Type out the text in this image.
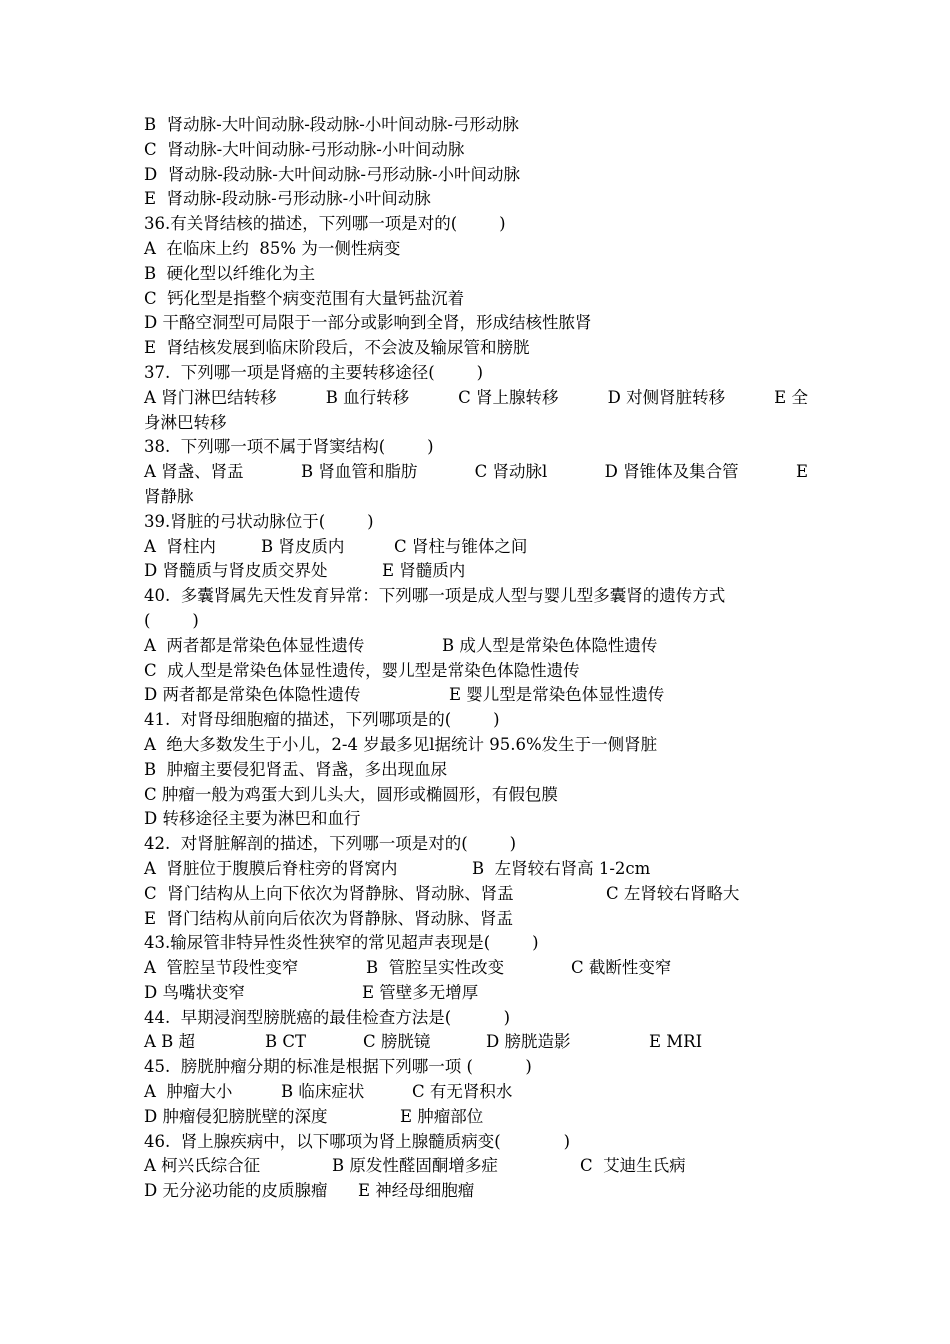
B  肾动脉-大叶间动脉-段动脉-小叶间动脉-弓形动脉
C  肾动脉-大叶间动脉-弓形动脉-小叶间动脉
D  肾动脉-段动脉-大叶间动脉-弓形动脉-小叶间动脉
E  肾动脉-段动脉-弓形动脉-小叶间动脉
36.有关肾结核的描述，下列哪一项是对的(        )
A  在临床上约  85% 为一侧性病变
B  硬化型以纤维化为主
C  钙化型是指整个病变范围有大量钙盐沉着
D 干酪空洞型可局限于一部分或影响到全肾，形成结核性脓肾
E  肾结核发展到临床阶段后，不会波及输尿管和膀胱
37.  下列哪一项是肾癌的主要转移途径(        )
A 肾门淋巴结转移	B 血行转移	C 肾上腺转移	D 对侧肾脏转移	E 全
身淋巴转移
38.  下列哪一项不属于肾窦结构(        )
A 肾盏、肾盂	B 肾血管和脂肪	C 肾动脉l	D 肾锥体及集合管	E
肾静脉
39.肾脏的弓状动脉位于(        )

A  肾柱内

	B 肾皮质内

	C 肾柱与锥体之间

D 肾髓质与肾皮质交界处

	E 肾髓质内

40.  多囊肾属先天性发育异常：下列哪一项是成人型与婴儿型多囊肾的遗传方式
(        )

A  两者都是常染色体显性遗传

	B 成人型是常染色体隐性遗传

C  成人型是常染色体显性遗传，婴儿型是常染色体隐性遗传

D 两者都是常染色体隐性遗传

	E 婴儿型是常染色体显性遗传

41.  对肾母细胞瘤的描述，下列哪项是的(        )
A  绝大多数发生于小儿，2-4 岁最多见l据统计 95.6%发生于一侧肾脏
B  肿瘤主要侵犯肾盂、肾盏，多出现血尿
C 肿瘤一般为鸡蛋大到儿头大，圆形或椭圆形，有假包膜
D 转移途径主要为淋巴和血行
42.  对肾脏解剖的描述，下列哪一项是对的(        )

A  肾脏位于腹膜后脊柱旁的肾窝内

	B  左肾较右肾高 1-2cm

C  肾门结构从上向下依次为肾静脉、肾动脉、肾盂

	C 左肾较右肾略大

E  肾门结构从前向后依次为肾静脉、肾动脉、肾盂
43.输尿管非特异性炎性狭窄的常见超声表现是(        )

A  管腔呈节段性变窄

	B  管腔呈实性改变

	C 截断性变窄

D 鸟嘴状变窄

	E 管壁多无增厚

44.  早期浸润型膀胱癌的最佳检查方法是(          )

A B 超

	B CT

	C 膀胱镜

	D 膀胱造影

	E MRI

45.  膀胱肿瘤分期的标准是根据下列哪一项 (          )

A  肿瘤大小

	B 临床症状

	C 有无肾积水

D 肿瘤侵犯膀胱壁的深度

	E 肿瘤部位

46.  肾上腺疾病中，以下哪项为肾上腺髓质病变(            )

A 柯兴氏综合征

	B 原发性醛固酮增多症

	C  艾迪生氏病

D 无分泌功能的皮质腺瘤

E 神经母细胞瘤
